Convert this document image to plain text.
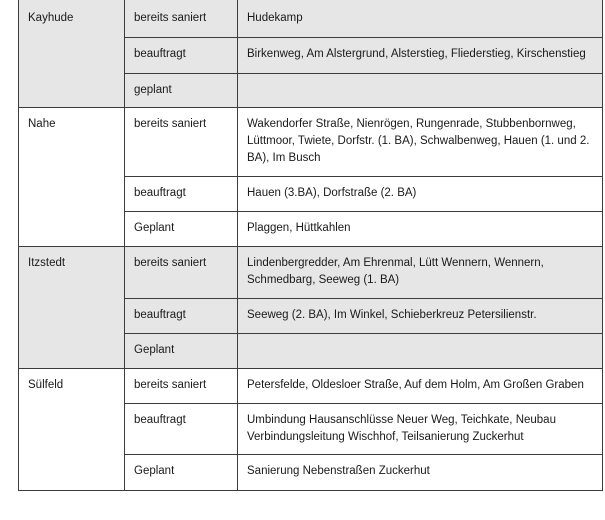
Kayhude	bereits saniert	Hudekamp
	beauftragt	Birkenweg, Am Alstergrund, Alsterstieg, Fliederstieg, Kirschenstieg
	geplant	
Nahe	bereits saniert	Wakendorfer Straße, Nienrögen, Rungenrade, Stubbenbornweg, Lüttmoor, Twiete, Dorfstr. (1. BA), Schwalbenweg, Hauen (1. und 2. BA), Im Busch
	beauftragt	Hauen (3.BA), Dorfstraße (2. BA)
	Geplant	Plaggen, Hüttkahlen
Itzstedt	bereits saniert	Lindenbergredder, Am Ehrenmal, Lütt Wennern, Wennern, Schmedbarg, Seeweg (1. BA)
	beauftragt	Seeweg (2. BA), Im Winkel, Schieberkreuz Petersilienstr.
	Geplant	
Sülfeld	bereits saniert	Petersfelde, Oldesloer Straße, Auf dem Holm, Am Großen Graben
	beauftragt	Umbindung Hausanschlüsse Neuer Weg, Teichkate, Neubau Verbindungsleitung Wischhof, Teilsanierung Zuckerhut
	Geplant	Sanierung Nebenstraßen Zuckerhut
